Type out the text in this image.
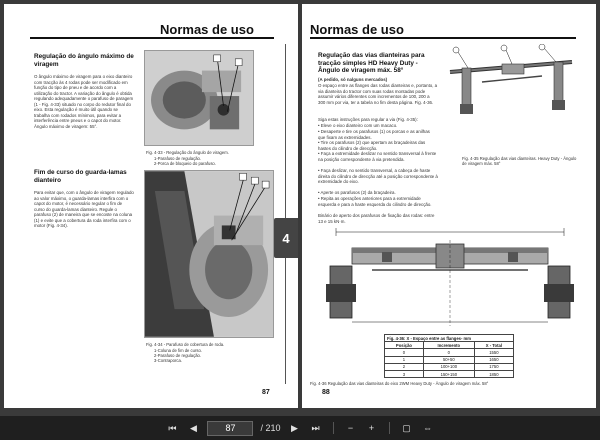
Normas de uso
Regulação do ângulo máximo de viragem
O ângulo máximo de viragem para o eixo dianteiro com tracção às 4 rodas pode ser modificado em função do tipo de pneu e de acordo com a utilização do tractor. A variação do ângulo é obtida regulando adequadamente o parafuso de paragem (1 - Fig. 4-33) situado no corpo do redutor final do eixo. Esta regulação é muito útil quando se trabalha com rodados mínimos, para evitar a interferência entre pneus e o capot do motor. Ângulo máximo de viragem: 55°.
Fig. 4-33 - Regulação do ângulo de viragem.
1-Parafuso de regulação.
2-Porca de bloqueio do parafuso.
Fim de curso do guarda-lamas dianteiro
Para evitar que, com o ângulo de viragem regulado ao valor máximo, o guarda-lamas interfira com o capot do motor, é necessário regular o fim de curso do guarda-lamas dianteiro. Regule o parafuso (2) de maneira que se encoste na coluna (1) e evite que a cobertura da roda interfira com o motor (Fig. 4-34).
Fig. 4-34 - Parafuso de cobertura de roda.
1-Coluna de fim de curso.
2-Parafuso de regulação.
3-Contraporca.
87
4
Normas de uso
Regulação das vias dianteiras para tracção simples HD Heavy Duty - Ângulo de viragem máx. 58°
(A pedido, só nalguns mercados)
O espaço entre as flanges das rodas dianteiras e, portanto, a via dianteira do tractor com suas rodas montadas pode assumir vários diferentes com incrementos de 100, 200 a 300 mm por via, ter a tabela no fim desta página. Fig. 4-36.
Siga estas instruções para regular a via (Fig. 4-35):
• Eleve o eixo dianteiro com um macaco.
• Desaperte e tire os parafusos (1) os porcas e as anilhas que fixam as extremidades.
• Tire os parafusos (2) que apertam as braçadeiras das hastes do cilindro de direcção.
• Faça a extremidade deslizar no sentido transversal à frente na posição correspondente à via pretendida.
• Faça deslizar, no sentido transversal, a cabeça de haste direita do cilindro de direcção até a posição correspondente à extremidade do eixo.
• Aperte os parafusos (2) da braçadeira.
• Repita as operações anteriores para a extremidade esquerda e para a haste esquerda do cilindro de direcção.
Binário de aperto dos parafusos de fixação das rodas: entre 13 e 15 kN·m.
Fig. 4-35 Regulação das vias dianteiras. Heavy Duty - Ângulo de viragem máx. 58°
Fig. 4-36: X - Espaço entre as flanges- mm		
Posição	Incremento	X - Total
0	0	1550
1	50+50	1650
2	100+100	1750
3	150+150	1850
Fig. 4-36 Regulação das vias dianteiras do eixo 2WM Heavy Duty - Ângulo de viragem máx. 58°
88
⏮	◀
87	/ 210	▶	⏭	−	+	▢	⇔
